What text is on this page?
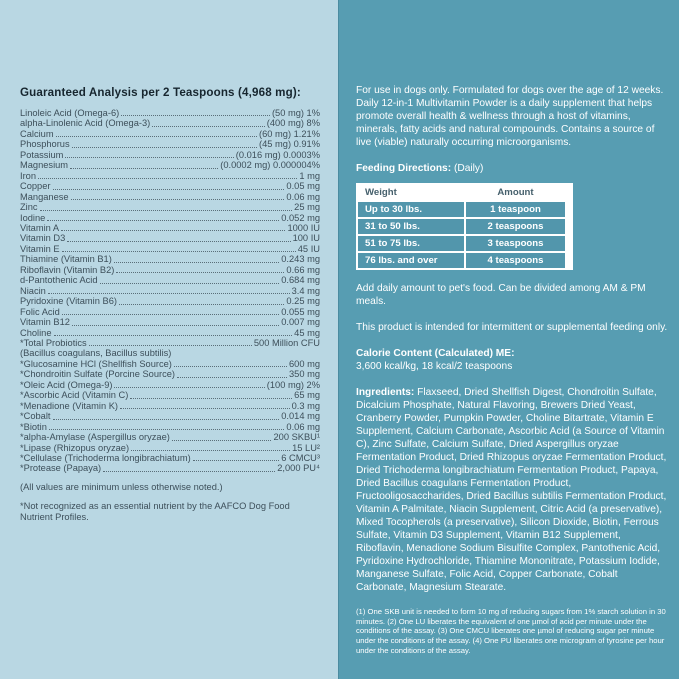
Guaranteed Analysis per 2 Teaspoons (4,968 mg):
Linoleic Acid (Omega-6)	(50 mg) 1%
alpha-Linolenic Acid (Omega-3)	(400 mg) 8%
Calcium	(60 mg) 1.21%
Phosphorus	(45 mg) 0.91%
Potassium	(0.016 mg) 0.0003%
Magnesium	(0.0002 mg) 0.000004%
Iron	1 mg
Copper	0.05 mg
Manganese	0.06 mg
Zinc	25 mg
Iodine	0.052 mg
Vitamin A	1000 IU
Vitamin D3	100 IU
Vitamin E	45 IU
Thiamine (Vitamin B1)	0.243 mg
Riboflavin (Vitamin B2)	0.66 mg
d-Pantothenic Acid	0.684 mg
Niacin	3.4 mg
Pyridoxine (Vitamin B6)	0.25 mg
Folic Acid	0.055 mg
Vitamin B12	0.007 mg
Choline	45 mg
*Total Probiotics	500 Million CFU
(Bacillus coagulans, Bacillus subtilis)
*Glucosamine HCl (Shellfish Source)	600 mg
*Chondroitin Sulfate (Porcine Source)	350 mg
*Oleic Acid (Omega-9)	(100 mg) 2%
*Ascorbic Acid (Vitamin C)	65 mg
*Menadione (Vitamin K)	0.3 mg
*Cobalt	0.014 mg
*Biotin	0.06 mg
*alpha-Amylase (Aspergillus oryzae)	200 SKBU¹
*Lipase (Rhizopus oryzae)	15 LU²
*Cellulase (Trichoderma longibrachiatum)	6 CMCU³
*Protease (Papaya)	2,000 PU⁴

(All values are minimum unless otherwise noted.)

*Not recognized as an essential nutrient by the AAFCO Dog Food Nutrient Profiles.

For use in dogs only. Formulated for dogs over the age of 12 weeks. Daily 12-in-1 Multivitamin Powder is a daily supplement that helps promote overall health & wellness through a host of vitamins, minerals, fatty acids and natural compounds. Contains a source of live (viable) naturally occurring microorganisms.

Feeding Directions: (Daily)

Weight	Amount
Up to 30 lbs.	1 teaspoon
31 to 50 lbs.	2 teaspoons
51 to 75 lbs.	3 teaspoons
76 lbs. and over	4 teaspoons

Add daily amount to pet's food. Can be divided among AM & PM meals.

This product is intended for intermittent or supplemental feeding only.

Calorie Content (Calculated) ME:

3,600 kcal/kg, 18 kcal/2 teaspoons

Ingredients: Flaxseed, Dried Shellfish Digest, Chondroitin Sulfate, Dicalcium Phosphate, Natural Flavoring, Brewers Dried Yeast, Cranberry Powder, Pumpkin Powder, Choline Bitartrate, Vitamin E Supplement, Calcium Carbonate, Ascorbic Acid (a Source of Vitamin C), Zinc Sulfate, Calcium Sulfate, Dried Aspergillus oryzae Fermentation Product, Dried Rhizopus oryzae Fermentation Product, Dried Trichoderma longibrachiatum Fermentation Product, Papaya, Dried Bacillus coagulans Fermentation Product, Fructooligosaccharides, Dried Bacillus subtilis Fermentation Product, Vitamin A Palmitate, Niacin Supplement, Citric Acid (a preservative), Mixed Tocopherols (a preservative), Silicon Dioxide, Biotin, Ferrous Sulfate, Vitamin D3 Supplement, Vitamin B12 Supplement, Riboflavin, Menadione Sodium Bisulfite Complex, Pantothenic Acid, Pyridoxine Hydrochloride, Thiamine Mononitrate, Potassium Iodide, Manganese Sulfate, Folic Acid, Copper Carbonate, Cobalt Carbonate, Magnesium Stearate.

(1) One SKB unit is needed to form 10 mg of reducing sugars from 1% starch solution in 30 minutes. (2) One LU liberates the equivalent of one µmol of acid per minute under the conditions of the assay. (3) One CMCU liberates one µmol of reducing sugar per minute under the conditions of the assay. (4) One PU liberates one microgram of tyrosine per hour under the conditions of the assay.
